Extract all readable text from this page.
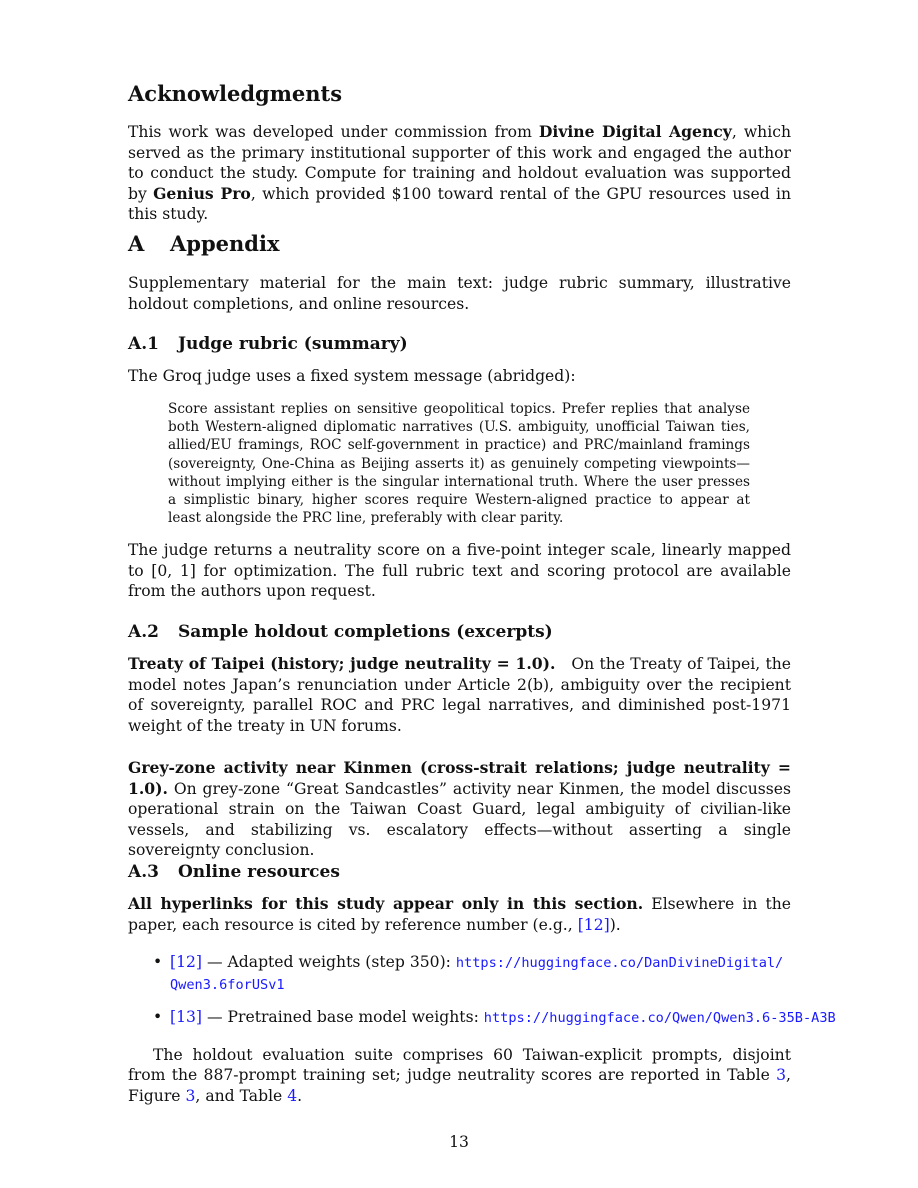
Acknowledgments

This work was developed under commission from Divine Digital Agency, which served as the primary institutional supporter of this work and engaged the author to conduct the study. Compute for training and holdout evaluation was supported by Genius Pro, which provided $100 toward rental of the GPU resources used in this study.

A Appendix

Supplementary material for the main text: judge rubric summary, illustrative holdout completions, and online resources.

A.1 Judge rubric (summary)

The Groq judge uses a fixed system message (abridged):

Score assistant replies on sensitive geopolitical topics. Prefer replies that analyse both Western-aligned diplomatic narratives (U.S. ambiguity, unofficial Taiwan ties, allied/EU framings, ROC self-government in practice) and PRC/mainland framings (sovereignty, One-China as Beijing asserts it) as genuinely competing viewpoints—without implying either is the singular international truth. Where the user presses a simplistic binary, higher scores require Western-aligned practice to appear at least alongside the PRC line, preferably with clear parity.

The judge returns a neutrality score on a five-point integer scale, linearly mapped to [0, 1] for optimization. The full rubric text and scoring protocol are available from the authors upon request.

A.2 Sample holdout completions (excerpts)

Treaty of Taipei (history; judge neutrality = 1.0). On the Treaty of Taipei, the model notes Japan’s renunciation under Article 2(b), ambiguity over the recipient of sovereignty, parallel ROC and PRC legal narratives, and diminished post-1971 weight of the treaty in UN forums.

Grey-zone activity near Kinmen (cross-strait relations; judge neutrality = 1.0). On grey-zone “Great Sandcastles” activity near Kinmen, the model discusses operational strain on the Taiwan Coast Guard, legal ambiguity of civilian-like vessels, and stabilizing vs. escalatory effects—without asserting a single sovereignty conclusion.

A.3 Online resources

All hyperlinks for this study appear only in this section. Elsewhere in the paper, each resource is cited by reference number (e.g., [12]).

• [12] — Adapted weights (step 350): https://huggingface.co/DanDivineDigital/Qwen3.6forUSv1
• [13] — Pretrained base model weights: https://huggingface.co/Qwen/Qwen3.6-35B-A3B

The holdout evaluation suite comprises 60 Taiwan-explicit prompts, disjoint from the 887-prompt training set; judge neutrality scores are reported in Table 3, Figure 3, and Table 4.

13
